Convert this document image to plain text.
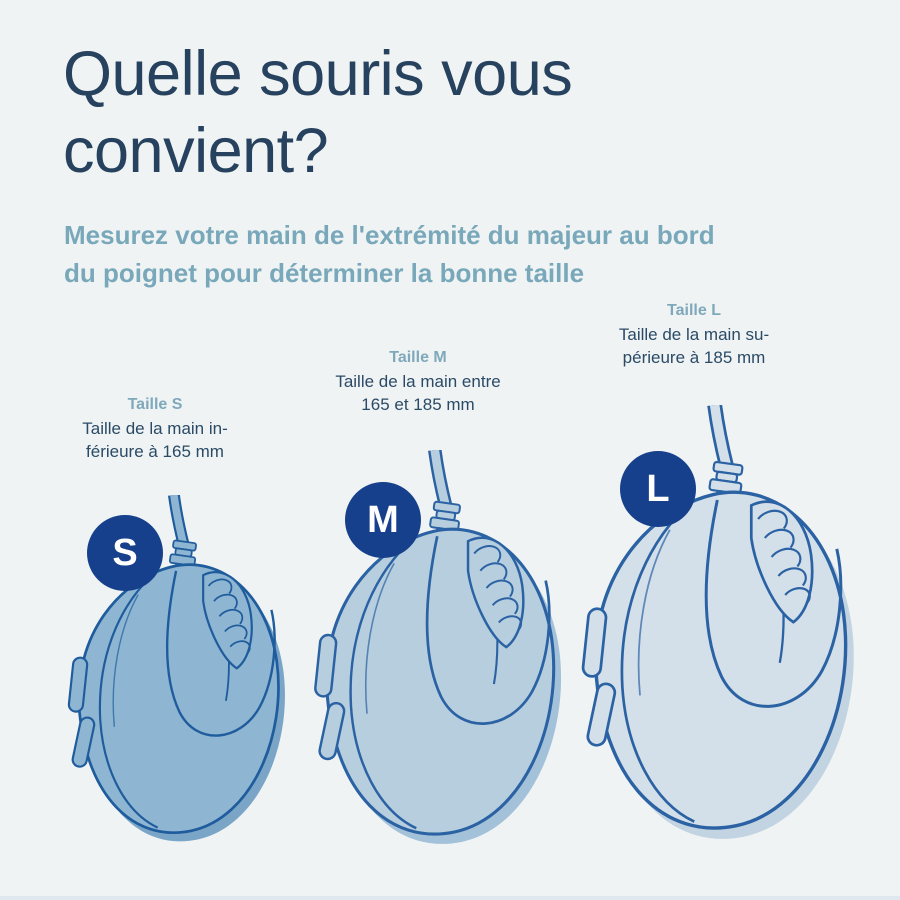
Quelle souris vous
convient?
Mesurez votre main de l'extrémité du majeur au bord
du poignet pour déterminer la bonne taille
Taille S
Taille de la main in-
férieure à 165 mm
Taille M
Taille de la main entre
165 et 185 mm
Taille L
Taille de la main su-
périeure à 185 mm
S
M
L
